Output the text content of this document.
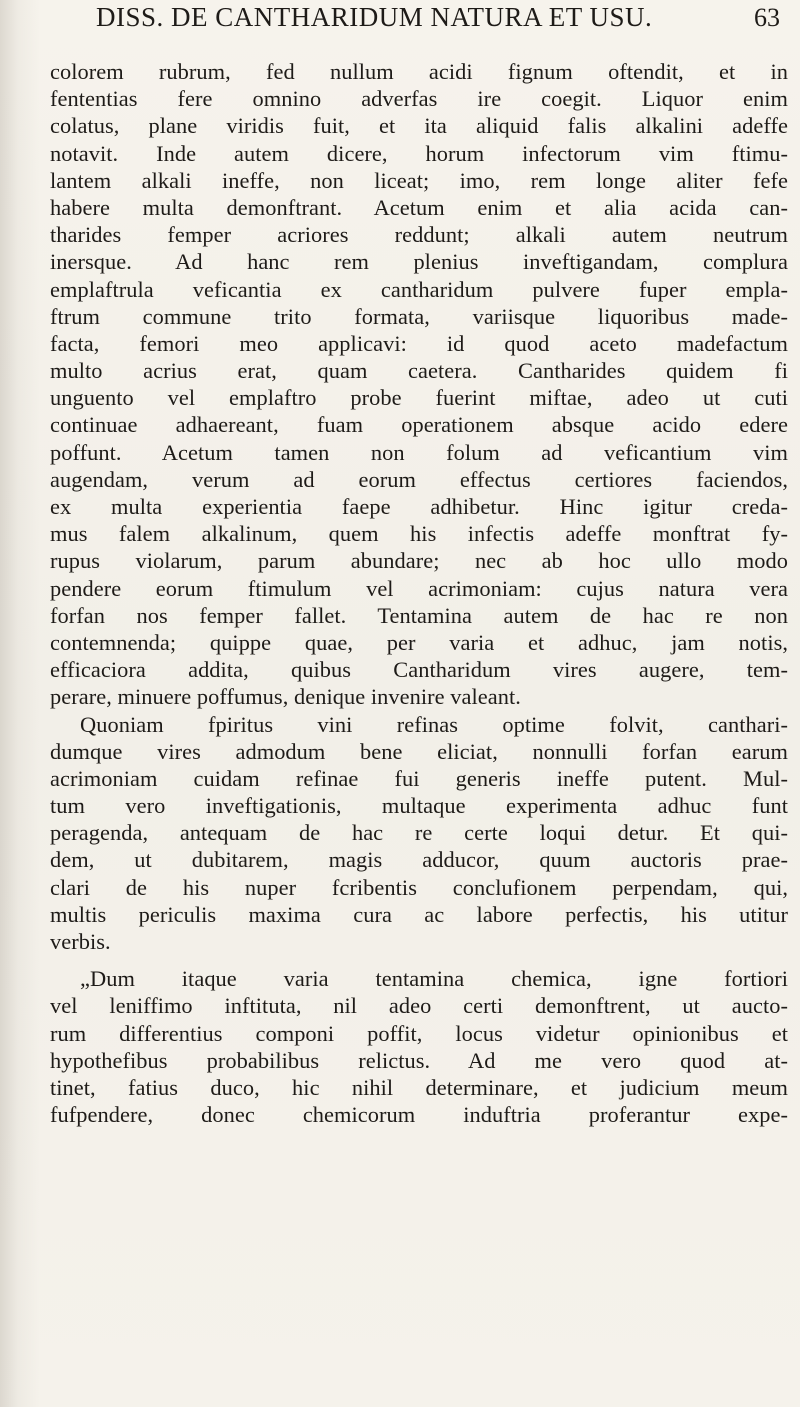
DISS. DE CANTHARIDUM NATURA ET USU.	63
colorem rubrum, fed nullum acidi fignum oftendit, et in
fententias fere omnino adverfas ire coegit. Liquor enim
colatus, plane viridis fuit, et ita aliquid falis alkalini adeffe
notavit. Inde autem dicere, horum infectorum vim ftimu-
lantem alkali ineffe, non liceat; imo, rem longe aliter fefe
habere multa demonftrant. Acetum enim et alia acida can-
tharides femper acriores reddunt; alkali autem neutrum
inersque. Ad hanc rem plenius inveftigandam, complura
emplaftrula veficantia ex cantharidum pulvere fuper empla-
ftrum commune trito formata, variisque liquoribus made-
facta, femori meo applicavi: id quod aceto madefactum
multo acrius erat, quam caetera. Cantharides quidem fi
unguento vel emplaftro probe fuerint miftae, adeo ut cuti
continuae adhaereant, fuam operationem absque acido edere
poffunt. Acetum tamen non folum ad veficantium vim
augendam, verum ad eorum effectus certiores faciendos,
ex multa experientia faepe adhibetur. Hinc igitur creda-
mus falem alkalinum, quem his infectis adeffe monftrat fy-
rupus violarum, parum abundare; nec ab hoc ullo modo
pendere eorum ftimulum vel acrimoniam: cujus natura vera
forfan nos femper fallet. Tentamina autem de hac re non
contemnenda; quippe quae, per varia et adhuc, jam notis,
efficaciora addita, quibus Cantharidum vires augere, tem-
perare, minuere poffumus, denique invenire valeant.
Quoniam fpiritus vini refinas optime folvit, canthari-
dumque vires admodum bene eliciat, nonnulli forfan earum
acrimoniam cuidam refinae fui generis ineffe putent. Mul-
tum vero inveftigationis, multaque experimenta adhuc funt
peragenda, antequam de hac re certe loqui detur. Et qui-
dem, ut dubitarem, magis adducor, quum auctoris prae-
clari de his nuper fcribentis conclufionem perpendam, qui,
multis periculis maxima cura ac labore perfectis, his utitur
verbis.
„Dum itaque varia tentamina chemica, igne fortiori
vel leniffimo inftituta, nil adeo certi demonftrent, ut aucto-
rum differentius componi poffit, locus videtur opinionibus et
hypothefibus probabilibus relictus. Ad me vero quod at-
tinet, fatius duco, hic nihil determinare, et judicium meum
fufpendere, donec chemicorum induftria proferantur expe-
